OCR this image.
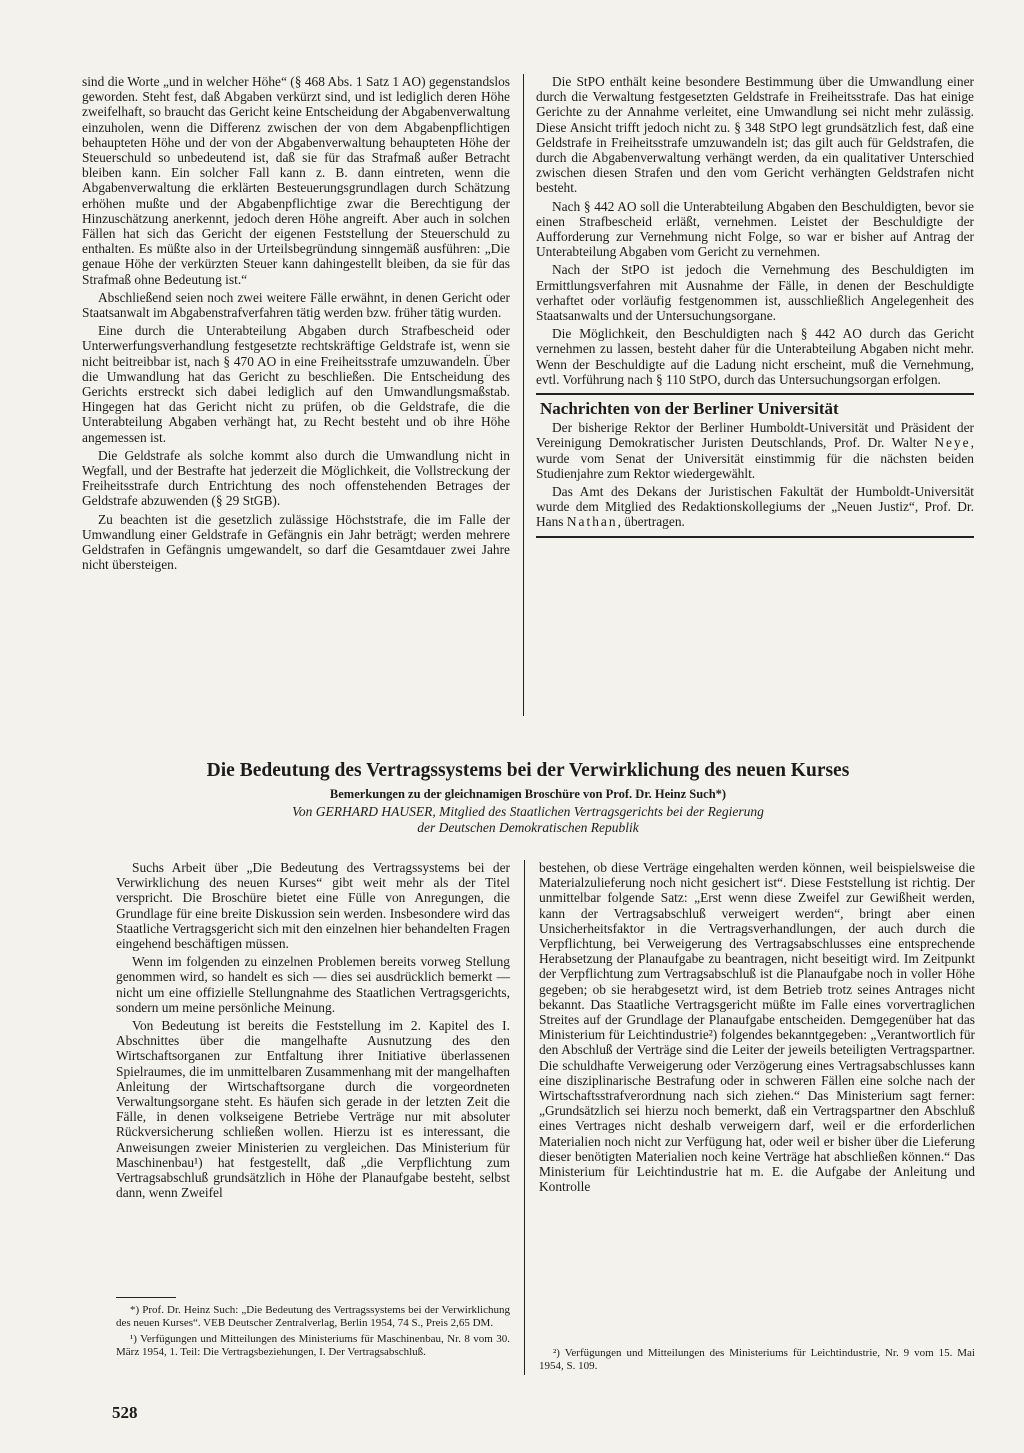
sind die Worte „und in welcher Höhe“ (§ 468 Abs. 1 Satz 1 AO) gegenstandslos geworden. Steht fest, daß Abgaben verkürzt sind, und ist lediglich deren Höhe zweifelhaft, so braucht das Gericht keine Entscheidung der Abgabenverwaltung einzuholen, wenn die Differenz zwischen der von dem Abgabenpflichtigen behaupteten Höhe und der von der Abgabenverwaltung behaupteten Höhe der Steuerschuld so unbedeutend ist, daß sie für das Strafmaß außer Betracht bleiben kann. Ein solcher Fall kann z. B. dann eintreten, wenn die Abgabenverwaltung die erklärten Besteuerungsgrundlagen durch Schätzung erhöhen mußte und der Abgabenpflichtige zwar die Berechtigung der Hinzuschätzung anerkennt, jedoch deren Höhe angreift. Aber auch in solchen Fällen hat sich das Gericht der eigenen Feststellung der Steuerschuld zu enthalten. Es müßte also in der Urteilsbegründung sinngemäß ausführen: „Die genaue Höhe der verkürzten Steuer kann dahingestellt bleiben, da sie für das Strafmaß ohne Bedeutung ist.“

Abschließend seien noch zwei weitere Fälle erwähnt, in denen Gericht oder Staatsanwalt im Abgabenstrafverfahren tätig werden bzw. früher tätig wurden.

Eine durch die Unterabteilung Abgaben durch Strafbescheid oder Unterwerfungsverhandlung festgesetzte rechtskräftige Geldstrafe ist, wenn sie nicht beitreibbar ist, nach § 470 AO in eine Freiheitsstrafe umzuwandeln. Über die Umwandlung hat das Gericht zu beschließen. Die Entscheidung des Gerichts erstreckt sich dabei lediglich auf den Umwandlungsmaßstab. Hingegen hat das Gericht nicht zu prüfen, ob die Geldstrafe, die die Unterabteilung Abgaben verhängt hat, zu Recht besteht und ob ihre Höhe angemessen ist.

Die Geldstrafe als solche kommt also durch die Umwandlung nicht in Wegfall, und der Bestrafte hat jederzeit die Möglichkeit, die Vollstreckung der Freiheitsstrafe durch Entrichtung des noch offenstehenden Betrages der Geldstrafe abzuwenden (§ 29 StGB).

Zu beachten ist die gesetzlich zulässige Höchststrafe, die im Falle der Umwandlung einer Geldstrafe in Gefängnis ein Jahr beträgt; werden mehrere Geldstrafen in Gefängnis umgewandelt, so darf die Gesamtdauer zwei Jahre nicht übersteigen.

Die StPO enthält keine besondere Bestimmung über die Umwandlung einer durch die Verwaltung festgesetzten Geldstrafe in Freiheitsstrafe. Das hat einige Gerichte zu der Annahme verleitet, eine Umwandlung sei nicht mehr zulässig. Diese Ansicht trifft jedoch nicht zu. § 348 StPO legt grundsätzlich fest, daß eine Geldstrafe in Freiheitsstrafe umzuwandeln ist; das gilt auch für Geldstrafen, die durch die Abgabenverwaltung verhängt werden, da ein qualitativer Unterschied zwischen diesen Strafen und den vom Gericht verhängten Geldstrafen nicht besteht.

Nach § 442 AO soll die Unterabteilung Abgaben den Beschuldigten, bevor sie einen Strafbescheid erläßt, vernehmen. Leistet der Beschuldigte der Aufforderung zur Vernehmung nicht Folge, so war er bisher auf Antrag der Unterabteilung Abgaben vom Gericht zu vernehmen.

Nach der StPO ist jedoch die Vernehmung des Beschuldigten im Ermittlungsverfahren mit Ausnahme der Fälle, in denen der Beschuldigte verhaftet oder vorläufig festgenommen ist, ausschließlich Angelegenheit des Staatsanwalts und der Untersuchungsorgane.

Die Möglichkeit, den Beschuldigten nach § 442 AO durch das Gericht vernehmen zu lassen, besteht daher für die Unterabteilung Abgaben nicht mehr. Wenn der Beschuldigte auf die Ladung nicht erscheint, muß die Vernehmung, evtl. Vorführung nach § 110 StPO, durch das Untersuchungsorgan erfolgen.

Nachrichten von der Berliner Universität

Der bisherige Rektor der Berliner Humboldt-Universität und Präsident der Vereinigung Demokratischer Juristen Deutschlands, Prof. Dr. Walter Neye, wurde vom Senat der Universität einstimmig für die nächsten beiden Studienjahre zum Rektor wiedergewählt.

Das Amt des Dekans der Juristischen Fakultät der Humboldt-Universität wurde dem Mitglied des Redaktionskollegiums der „Neuen Justiz“, Prof. Dr. Hans Nathan, übertragen.

Die Bedeutung des Vertragssystems bei der Verwirklichung des neuen Kurses
Bemerkungen zu der gleichnamigen Broschüre von Prof. Dr. Heinz Such*)
Von GERHARD HAUSER, Mitglied des Staatlichen Vertragsgerichts bei der Regierung
der Deutschen Demokratischen Republik

Suchs Arbeit über „Die Bedeutung des Vertragssystems bei der Verwirklichung des neuen Kurses“ gibt weit mehr als der Titel verspricht. Die Broschüre bietet eine Fülle von Anregungen, die Grundlage für eine breite Diskussion sein werden. Insbesondere wird das Staatliche Vertragsgericht sich mit den einzelnen hier behandelten Fragen eingehend beschäftigen müssen.

Wenn im folgenden zu einzelnen Problemen bereits vorweg Stellung genommen wird, so handelt es sich — dies sei ausdrücklich bemerkt — nicht um eine offizielle Stellungnahme des Staatlichen Vertragsgerichts, sondern um meine persönliche Meinung.

Von Bedeutung ist bereits die Feststellung im 2. Kapitel des I. Abschnittes über die mangelhafte Ausnutzung des den Wirtschaftsorganen zur Entfaltung ihrer Initiative überlassenen Spielraumes, die im unmittelbaren Zusammenhang mit der mangelhaften Anleitung der Wirtschaftsorgane durch die vorgeordneten Verwaltungsorgane steht. Es häufen sich gerade in der letzten Zeit die Fälle, in denen volkseigene Betriebe Verträge nur mit absoluter Rückversicherung schließen wollen. Hierzu ist es interessant, die Anweisungen zweier Ministerien zu vergleichen. Das Ministerium für Maschinenbau¹) hat festgestellt, daß „die Verpflichtung zum Vertragsabschluß grundsätzlich in Höhe der Planaufgabe besteht, selbst dann, wenn Zweifel

bestehen, ob diese Verträge eingehalten werden können, weil beispielsweise die Materialzulieferung noch nicht gesichert ist“. Diese Feststellung ist richtig. Der unmittelbar folgende Satz: „Erst wenn diese Zweifel zur Gewißheit werden, kann der Vertragsabschluß verweigert werden“, bringt aber einen Unsicherheitsfaktor in die Vertragsverhandlungen, der auch durch die Verpflichtung, bei Verweigerung des Vertragsabschlusses eine entsprechende Herabsetzung der Planaufgabe zu beantragen, nicht beseitigt wird. Im Zeitpunkt der Verpflichtung zum Vertragsabschluß ist die Planaufgabe noch in voller Höhe gegeben; ob sie herabgesetzt wird, ist dem Betrieb trotz seines Antrages nicht bekannt. Das Staatliche Vertragsgericht müßte im Falle eines vorvertraglichen Streites auf der Grundlage der Planaufgabe entscheiden. Demgegenüber hat das Ministerium für Leichtindustrie²) folgendes bekanntgegeben: „Verantwortlich für den Abschluß der Verträge sind die Leiter der jeweils beteiligten Vertragspartner. Die schuldhafte Verweigerung oder Verzögerung eines Vertragsabschlusses kann eine disziplinarische Bestrafung oder in schweren Fällen eine solche nach der Wirtschaftsstrafverordnung nach sich ziehen.“ Das Ministerium sagt ferner: „Grundsätzlich sei hierzu noch bemerkt, daß ein Vertragspartner den Abschluß eines Vertrages nicht deshalb verweigern darf, weil er die erforderlichen Materialien noch nicht zur Verfügung hat, oder weil er bisher über die Lieferung dieser benötigten Materialien noch keine Verträge hat abschließen können.“ Das Ministerium für Leichtindustrie hat m. E. die Aufgabe der Anleitung und Kontrolle

*) Prof. Dr. Heinz Such: „Die Bedeutung des Vertragssystems bei der Verwirklichung des neuen Kurses“. VEB Deutscher Zentralverlag, Berlin 1954, 74 S., Preis 2,65 DM.

¹) Verfügungen und Mitteilungen des Ministeriums für Maschinenbau, Nr. 8 vom 30. März 1954, 1. Teil: Die Vertragsbeziehungen, I. Der Vertragsabschluß.	²) Verfügungen und Mitteilungen des Ministeriums für Leichtindustrie, Nr. 9 vom 15. Mai 1954, S. 109.

528
